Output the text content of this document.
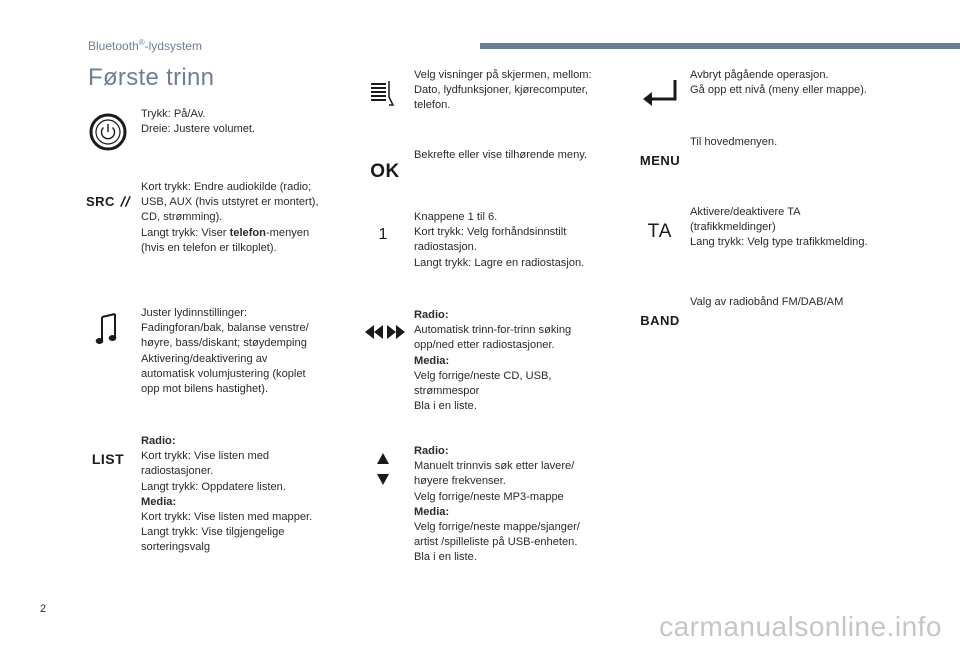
Bluetooth®-lydsystem
Første trinn
Trykk: På/Av.
Dreie: Justere volumet.
SRC
Kort trykk: Endre audiokilde (radio;
USB, AUX (hvis utstyret er montert),
CD, strømming).
Langt trykk: Viser telefon-menyen
(hvis en telefon er tilkoplet).
Juster lydinnstillinger:
Fadingforan/bak, balanse venstre/
høyre, bass/diskant; støydemping
Aktivering/deaktivering av
automatisk volumjustering (koplet
opp mot bilens hastighet).
LIST
Radio:
Kort trykk: Vise listen med
radiostasjoner.
Langt trykk: Oppdatere listen.
Media:
Kort trykk: Vise listen med mapper.
Langt trykk: Vise tilgjengelige
sorteringsvalg
Velg visninger på skjermen, mellom:
Dato, lydfunksjoner, kjørecomputer,
telefon.
OK
Bekrefte eller vise tilhørende meny.
1
Knappene 1 til 6.
Kort trykk: Velg forhåndsinnstilt
radiostasjon.
Langt trykk: Lagre en radiostasjon.
Radio:
Automatisk trinn-for-trinn søking
opp/ned etter radiostasjoner.
Media:
Velg forrige/neste CD, USB,
strømmespor
Bla i en liste.
Radio:
Manuelt trinnvis søk etter lavere/
høyere frekvenser.
Velg forrige/neste MP3-mappe
Media:
Velg forrige/neste mappe/sjanger/
artist /spilleliste på USB-enheten.
Bla i en liste.
Avbryt pågående operasjon.
Gå opp ett nivå (meny eller mappe).
MENU
Til hovedmenyen.
TA
Aktivere/deaktivere TA
(trafikkmeldinger)
Lang trykk: Velg type trafikkmelding.
BAND
Valg av radiobånd FM/DAB/AM
2
carmanualsonline.info
